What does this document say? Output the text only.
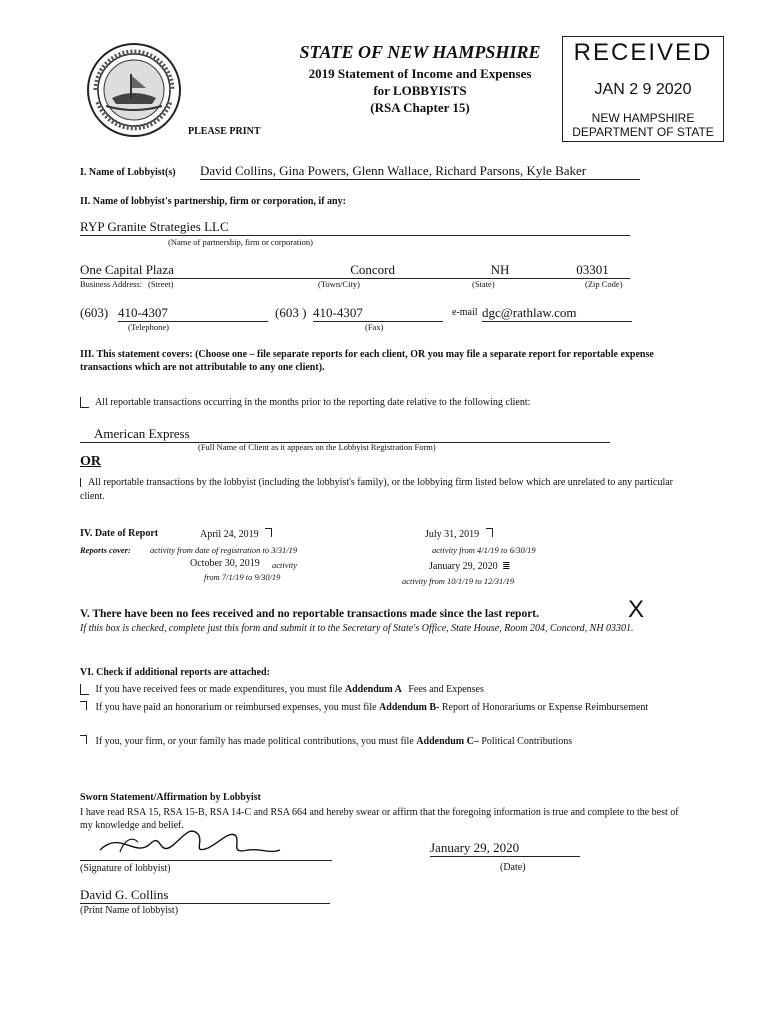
STATE OF NEW HAMPSHIRE
2019 Statement of Income and Expenses
for LOBBYISTS
(RSA Chapter 15)
PLEASE PRINT
RECEIVED
JAN 2 9 2020
NEW HAMPSHIRE
DEPARTMENT OF STATE
I. Name of Lobbyist(s) David Collins, Gina Powers, Glenn Wallace, Richard Parsons, Kyle Baker
II. Name of lobbyist's partnership, firm or corporation, if any:
RYP Granite Strategies LLC
(Name of partnership, firm or corporation)
One Capital Plaza	Concord	NH	03301
Business Address: (Street)	(Town/City)	(State)	(Zip Code)
(603) 410-4307	(603 ) 410-4307	e-mail dgc@rathlaw.com
(Telephone)	(Fax)
III. This statement covers: (Choose one – file separate reports for each client, OR you may file a separate report for reportable expense transactions which are not attributable to any one client).
All reportable transactions occurring in the months prior to the reporting date relative to the following client:
American Express
(Full Name of Client as it appears on the Lobbyist Registration Form)
OR
All reportable transactions by the lobbyist (including the lobbyist's family), or the lobbying firm listed below which are unrelated to any particular client.
IV. Date of Report
Reports cover:
April 24, 2019
activity from date of registration to 3/31/19
July 31, 2019
activity from 4/1/19 to 6/30/19
October 30, 2019 activity
from 7/1/19 to 9/30/19
January 29, 2020 ≣
activity from 10/1/19 to 12/31/19
V. There have been no fees received and no reportable transactions made since the last report.	X
If this box is checked, complete just this form and submit it to the Secretary of State's Office, State House, Room 204, Concord, NH 03301.
VI. Check if additional reports are attached:
If you have received fees or made expenditures, you must file Addendum A Fees and Expenses
If you have paid an honorarium or reimbursed expenses, you must file Addendum B- Report of Honorariums or Expense Reimbursement
If you, your firm, or your family has made political contributions, you must file Addendum C– Political Contributions
Sworn Statement/Affirmation by Lobbyist
I have read RSA 15, RSA 15-B, RSA 14-C and RSA 664 and hereby swear or affirm that the foregoing information is true and complete to the best of my knowledge and belief.
(Signature of lobbyist)
January 29, 2020
(Date)
David G. Collins
(Print Name of lobbyist)
